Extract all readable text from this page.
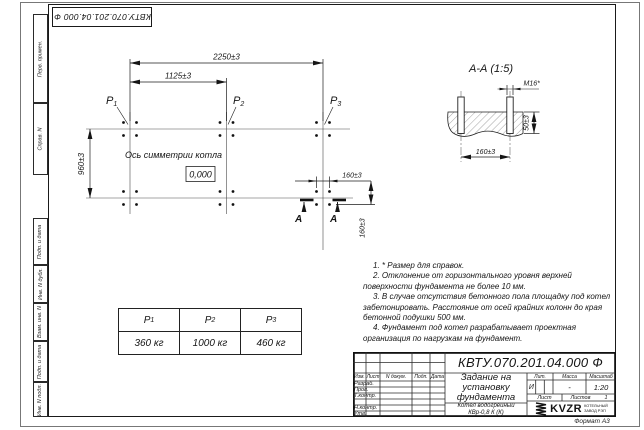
КВТУ.070.201.04.000 Ф
Перв. примен.
Справ. N
Подп. и дата
Инв. N дубл.
Взам. инв. N
Подп. и дата
Инв. N подл.
2250±3
1125±3
960±3
160±3
160±3
Ось симметрии котла
0,000
Р1	Р2	Р3
А	А
А-А (1:5)
М16*
50±3
160±3
1. * Размер для справок.
2. Отклонение от горизонтального уровня верхней поверхности фундамента не более 10 мм.
3. В случае отсутствия бетонного пола площадку под котел забетонировать. Расстояние от осей крайних колонн до края бетонной подушки 500 мм.
4. Фундамент под котел разрабатывает проектная организация по нагрузкам на фундамент.
Р 1	Р 2	Р 3
360 кг	1000 кг	460 кг
КВТУ.070.201.04.000 Ф
Изм. Лист	N докум.	Подп. Дата
Разраб.
Пров.
Т.контр.
Н.контр.
Утв.
Задание на
установку
фундамента
Котел водогрейный
КВр-0,8 К (К)
Лит.	Масса	Масштаб
И	-	1:20
Лист	Листов	1
KVZR КОТЕЛЬНЫЙ
ЗАВОД РЭП
Формат А3
